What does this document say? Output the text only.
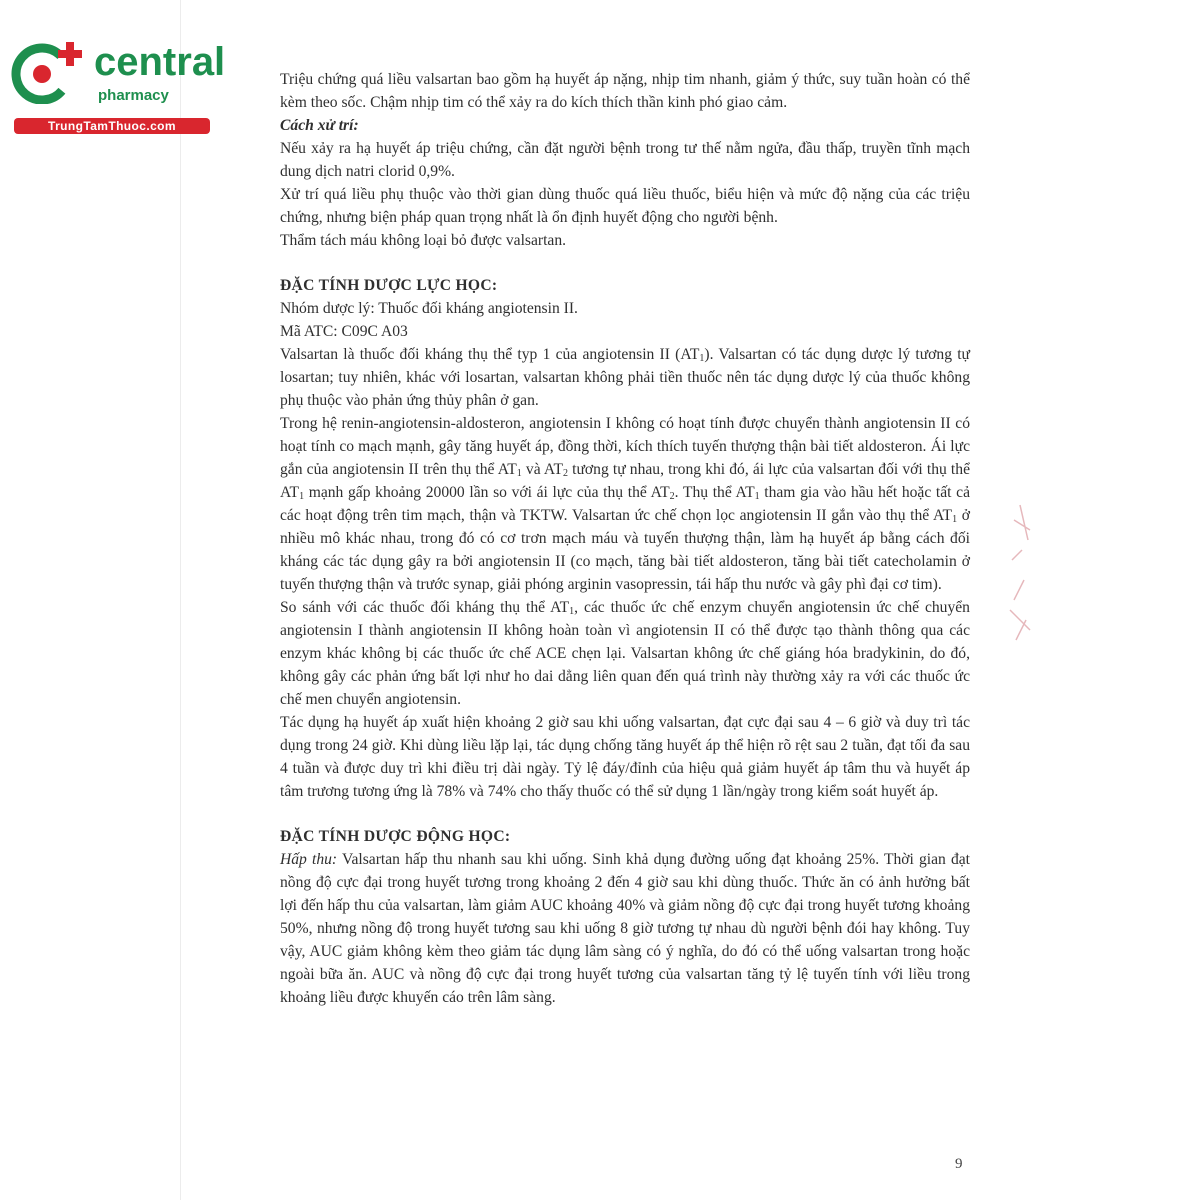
central
pharmacy
TrungTamThuoc.com

Triệu chứng quá liều valsartan bao gồm hạ huyết áp nặng, nhịp tim nhanh, giảm ý thức, suy tuần hoàn có thể kèm theo sốc. Chậm nhịp tim có thể xảy ra do kích thích thần kinh phó giao cảm.

Cách xử trí:

Nếu xảy ra hạ huyết áp triệu chứng, cần đặt người bệnh trong tư thế nằm ngửa, đầu thấp, truyền tĩnh mạch dung dịch natri clorid 0,9%.

Xử trí quá liều phụ thuộc vào thời gian dùng thuốc quá liều thuốc, biểu hiện và mức độ nặng của các triệu chứng, nhưng biện pháp quan trọng nhất là ổn định huyết động cho người bệnh.

Thẩm tách máu không loại bỏ được valsartan.

ĐẶC TÍNH DƯỢC LỰC HỌC:

Nhóm dược lý: Thuốc đối kháng angiotensin II.

Mã ATC: C09C A03

Valsartan là thuốc đối kháng thụ thể typ 1 của angiotensin II $(AT_1)$. Valsartan có tác dụng dược lý tương tự losartan; tuy nhiên, khác với losartan, valsartan không phải tiền thuốc nên tác dụng dược lý của thuốc không phụ thuộc vào phản ứng thủy phân ở gan.

Trong hệ renin-angiotensin-aldosteron, angiotensin I không có hoạt tính được chuyển thành angiotensin II có hoạt tính co mạch mạnh, gây tăng huyết áp, đồng thời, kích thích tuyến thượng thận bài tiết aldosteron. Ái lực gắn của angiotensin II trên thụ thể $AT_1$ và $AT_2$ tương tự nhau, trong khi đó, ái lực của valsartan đối với thụ thể $AT_1$ mạnh gấp khoảng 20000 lần so với ái lực của thụ thể $AT_2$. Thụ thể $AT_1$ tham gia vào hầu hết hoặc tất cả các hoạt động trên tim mạch, thận và TKTW. Valsartan ức chế chọn lọc angiotensin II gắn vào thụ thể $AT_1$ ở nhiều mô khác nhau, trong đó có cơ trơn mạch máu và tuyến thượng thận, làm hạ huyết áp bằng cách đối kháng các tác dụng gây ra bởi angiotensin II (co mạch, tăng bài tiết aldosteron, tăng bài tiết catecholamin ở tuyến thượng thận và trước synap, giải phóng arginin vasopressin, tái hấp thu nước và gây phì đại cơ tim).

So sánh với các thuốc đối kháng thụ thể $AT_1$, các thuốc ức chế enzym chuyển angiotensin ức chế chuyển angiotensin I thành angiotensin II không hoàn toàn vì angiotensin II có thể được tạo thành thông qua các enzym khác không bị các thuốc ức chế ACE chẹn lại. Valsartan không ức chế giáng hóa bradykinin, do đó, không gây các phản ứng bất lợi như ho dai dẳng liên quan đến quá trình này thường xảy ra với các thuốc ức chế men chuyển angiotensin.

Tác dụng hạ huyết áp xuất hiện khoảng 2 giờ sau khi uống valsartan, đạt cực đại sau 4 – 6 giờ và duy trì tác dụng trong 24 giờ. Khi dùng liều lặp lại, tác dụng chống tăng huyết áp thể hiện rõ rệt sau 2 tuần, đạt tối đa sau 4 tuần và được duy trì khi điều trị dài ngày. Tỷ lệ đáy/đỉnh của hiệu quả giảm huyết áp tâm thu và huyết áp tâm trương tương ứng là 78% và 74% cho thấy thuốc có thể sử dụng 1 lần/ngày trong kiểm soát huyết áp.

ĐẶC TÍNH DƯỢC ĐỘNG HỌC:

Hấp thu: Valsartan hấp thu nhanh sau khi uống. Sinh khả dụng đường uống đạt khoảng 25%. Thời gian đạt nồng độ cực đại trong huyết tương trong khoảng 2 đến 4 giờ sau khi dùng thuốc. Thức ăn có ảnh hưởng bất lợi đến hấp thu của valsartan, làm giảm AUC khoảng 40% và giảm nồng độ cực đại trong huyết tương khoảng 50%, nhưng nồng độ trong huyết tương sau khi uống 8 giờ tương tự nhau dù người bệnh đói hay không. Tuy vậy, AUC giảm không kèm theo giảm tác dụng lâm sàng có ý nghĩa, do đó có thể uống valsartan trong hoặc ngoài bữa ăn. AUC và nồng độ cực đại trong huyết tương của valsartan tăng tỷ lệ tuyến tính với liều trong khoảng liều được khuyến cáo trên lâm sàng.

9
